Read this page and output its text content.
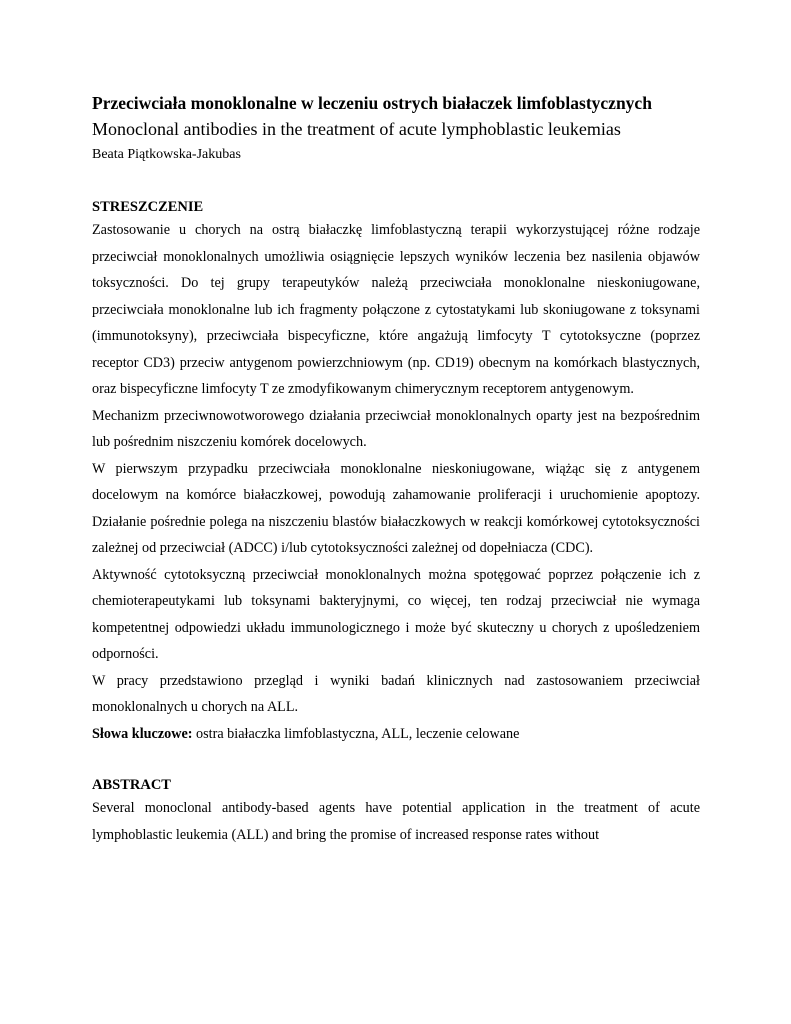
Przeciwciała monoklonalne w leczeniu ostrych białaczek limfoblastycznych

Monoclonal antibodies in the treatment of acute lymphoblastic leukemias

Beata Piątkowska-Jakubas

STRESZCZENIE

Zastosowanie u chorych na ostrą białaczkę limfoblastyczną terapii wykorzystującej różne rodzaje przeciwciał monoklonalnych umożliwia osiągnięcie lepszych wyników leczenia bez nasilenia objawów toksyczności. Do tej grupy terapeutyków należą przeciwciała monoklonalne nieskoniugowane, przeciwciała monoklonalne lub ich fragmenty połączone z cytostatykami lub skoniugowane z toksynami (immunotoksyny), przeciwciała bispecyficzne, które angażują limfocyty T cytotoksyczne (poprzez receptor CD3) przeciw antygenom powierzchniowym (np. CD19) obecnym na komórkach blastycznych, oraz bispecyficzne limfocyty T ze zmodyfikowanym chimerycznym receptorem antygenowym.

Mechanizm przeciwnowotworowego działania przeciwciał monoklonalnych oparty jest na bezpośrednim lub pośrednim niszczeniu komórek docelowych.

W pierwszym przypadku przeciwciała monoklonalne nieskoniugowane, wiążąc się z antygenem docelowym na komórce białaczkowej, powodują zahamowanie proliferacji i uruchomienie apoptozy. Działanie pośrednie polega na niszczeniu blastów białaczkowych w reakcji komórkowej cytotoksyczności zależnej od przeciwciał (ADCC) i/lub cytotoksyczności zależnej od dopełniacza (CDC).

Aktywność cytotoksyczną przeciwciał monoklonalnych można spotęgować poprzez połączenie ich z chemioterapeutykami lub toksynami bakteryjnymi, co więcej, ten rodzaj przeciwciał nie wymaga kompetentnej odpowiedzi układu immunologicznego i może być skuteczny u chorych z upośledzeniem odporności.

W pracy przedstawiono przegląd i wyniki badań klinicznych nad zastosowaniem przeciwciał monoklonalnych u chorych na ALL.

Słowa kluczowe: ostra białaczka limfoblastyczna, ALL, leczenie celowane

ABSTRACT

Several monoclonal antibody-based agents have potential application in the treatment of acute lymphoblastic leukemia (ALL) and bring the promise of increased response rates without
